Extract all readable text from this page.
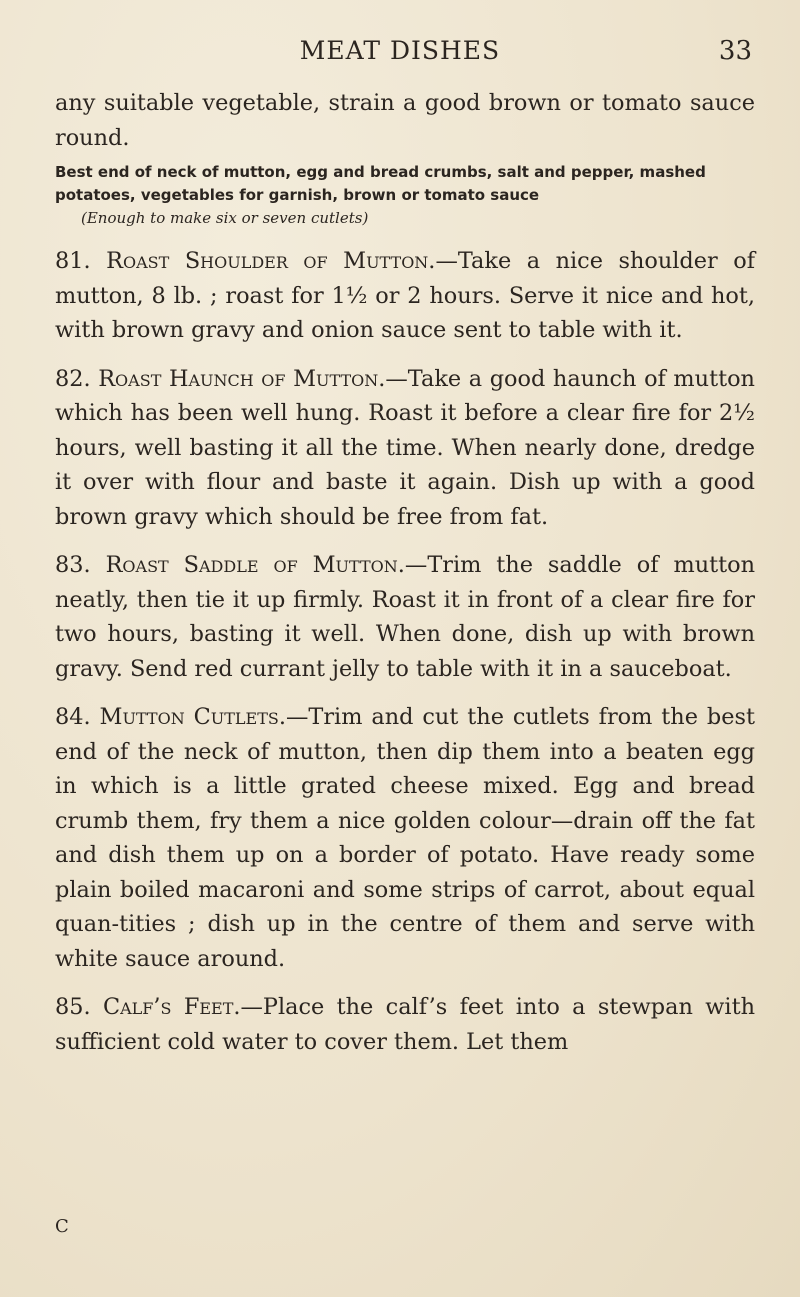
MEAT DISHES	33

any suitable vegetable, strain a good brown or tomato sauce round.

Best end of neck of mutton, egg and bread crumbs, salt and pepper, mashed potatoes, vegetables for garnish, brown or tomato sauce

(Enough to make six or seven cutlets)

81. Roast Shoulder of Mutton.—Take a nice shoulder of mutton, 8 lb. ; roast for 1½ or 2 hours. Serve it nice and hot, with brown gravy and onion sauce sent to table with it.

82. Roast Haunch of Mutton.—Take a good haunch of mutton which has been well hung. Roast it before a clear fire for 2½ hours, well basting it all the time. When nearly done, dredge it over with flour and baste it again. Dish up with a good brown gravy which should be free from fat.

83. Roast Saddle of Mutton.—Trim the saddle of mutton neatly, then tie it up firmly. Roast it in front of a clear fire for two hours, basting it well. When done, dish up with brown gravy. Send red currant jelly to table with it in a sauceboat.

84. Mutton Cutlets.—Trim and cut the cutlets from the best end of the neck of mutton, then dip them into a beaten egg in which is a little grated cheese mixed. Egg and bread crumb them, fry them a nice golden colour—drain off the fat and dish them up on a border of potato. Have ready some plain boiled macaroni and some strips of carrot, about equal quan-tities ; dish up in the centre of them and serve with white sauce around.

85. Calf’s Feet.—Place the calf’s feet into a stewpan with sufficient cold water to cover them. Let them

C
